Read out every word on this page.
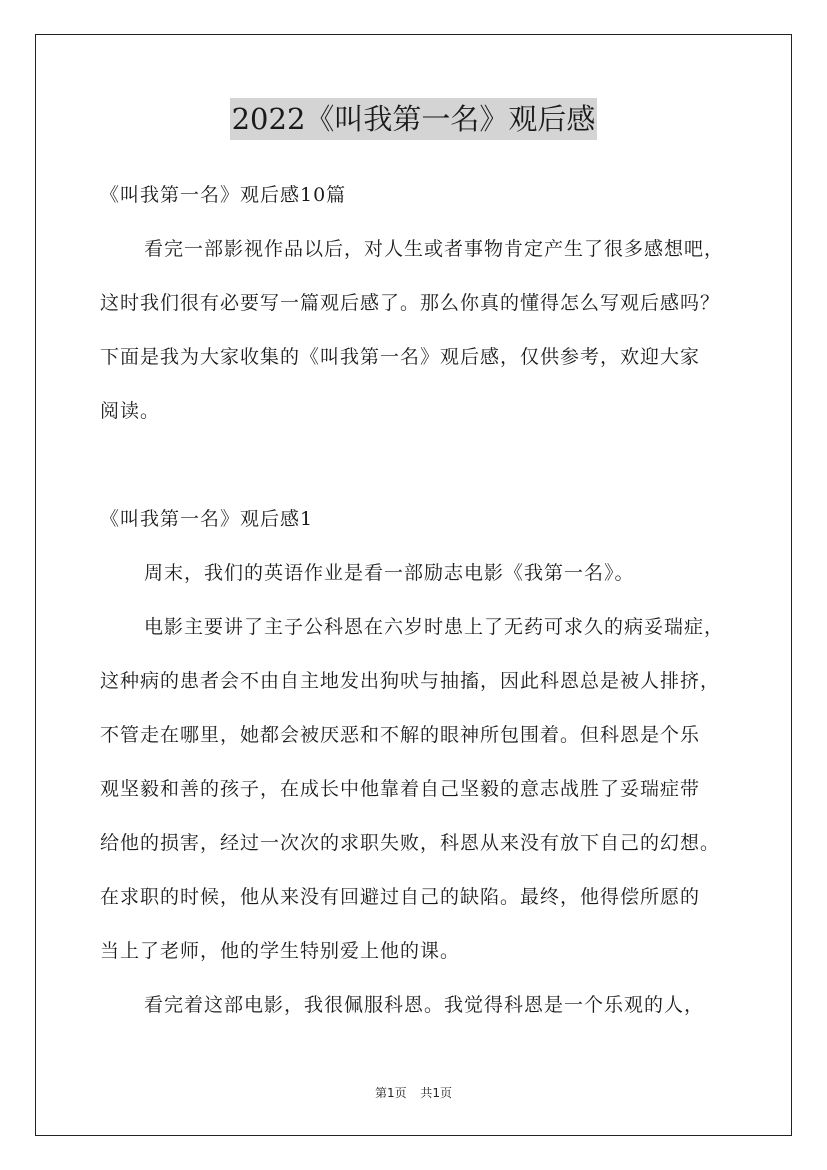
2022《叫我第一名》观后感
《叫我第一名》观后感10篇
看完一部影视作品以后，对人生或者事物肯定产生了很多感想吧，
这时我们很有必要写一篇观后感了。那么你真的懂得怎么写观后感吗？
下面是我为大家收集的《叫我第一名》观后感，仅供参考，欢迎大家
阅读。
《叫我第一名》观后感1
周末，我们的英语作业是看一部励志电影《我第一名》。
电影主要讲了主子公科恩在六岁时患上了无药可求久的病妥瑞症，
这种病的患者会不由自主地发出狗吠与抽搐，因此科恩总是被人排挤，
不管走在哪里，她都会被厌恶和不解的眼神所包围着。但科恩是个乐
观坚毅和善的孩子，在成长中他靠着自己坚毅的意志战胜了妥瑞症带
给他的损害，经过一次次的求职失败，科恩从来没有放下自己的幻想。
在求职的时候，他从来没有回避过自己的缺陷。最终，他得偿所愿的
当上了老师，他的学生特别爱上他的课。
看完着这部电影，我很佩服科恩。我觉得科恩是一个乐观的人，
第1页 共1页
